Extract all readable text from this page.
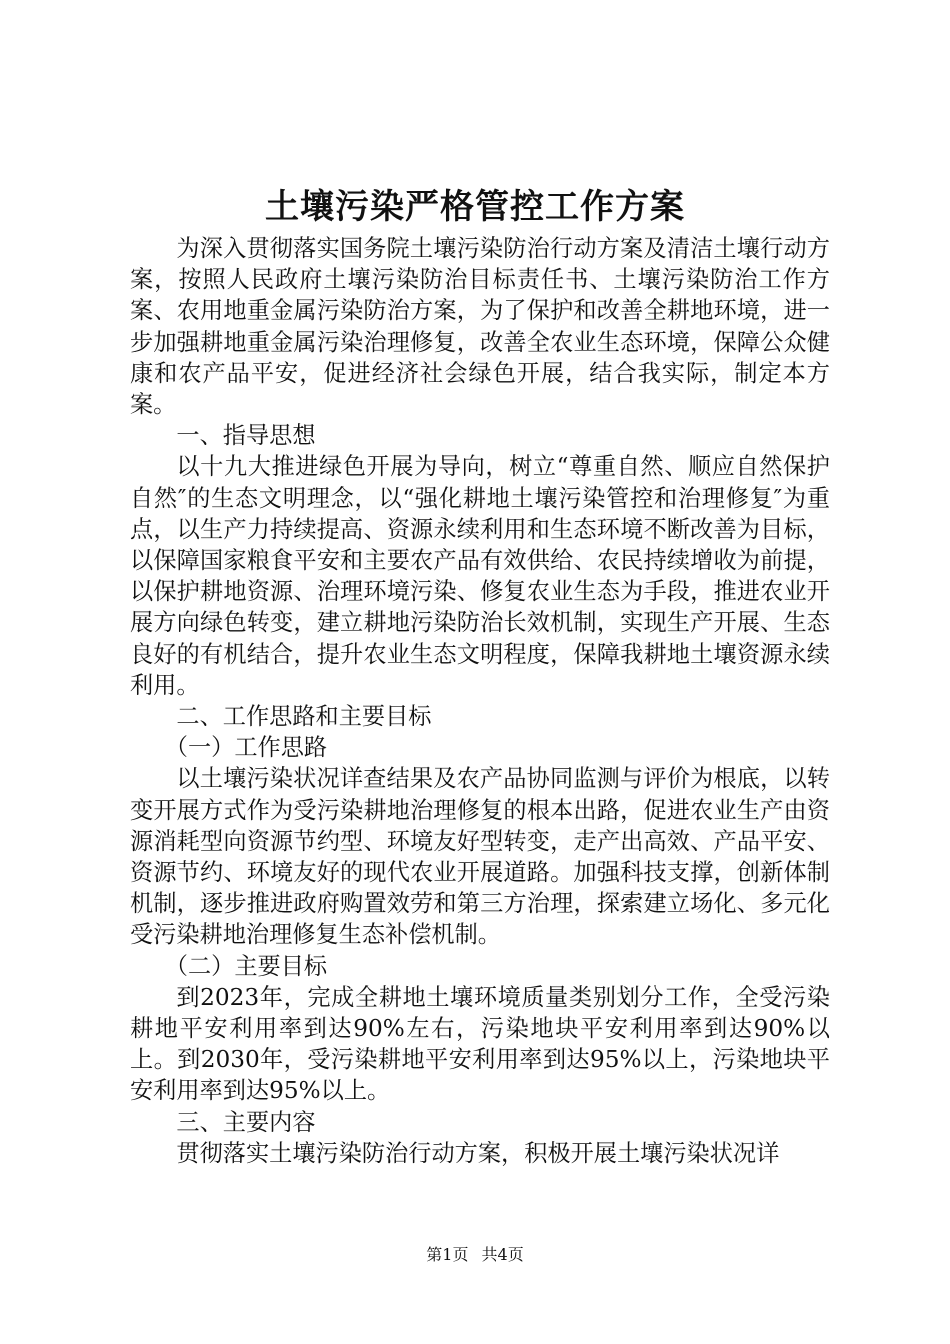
土壤污染严格管控工作方案

为深入贯彻落实国务院土壤污染防治行动方案及清洁土壤行动方案，按照人民政府土壤污染防治目标责任书、土壤污染防治工作方案、农用地重金属污染防治方案，为了保护和改善全耕地环境，进一步加强耕地重金属污染治理修复，改善全农业生态环境，保障公众健康和农产品平安，促进经济社会绿色开展，结合我实际，制定本方案。

一、指导思想

以十九大推进绿色开展为导向，树立“尊重自然、顺应自然保护自然″的生态文明理念，以“强化耕地土壤污染管控和治理修复″为重点，以生产力持续提高、资源永续利用和生态环境不断改善为目标，以保障国家粮食平安和主要农产品有效供给、农民持续增收为前提，以保护耕地资源、治理环境污染、修复农业生态为手段，推进农业开展方向绿色转变，建立耕地污染防治长效机制，实现生产开展、生态良好的有机结合，提升农业生态文明程度，保障我耕地土壤资源永续利用。

二、工作思路和主要目标

（一）工作思路

以土壤污染状况详查结果及农产品协同监测与评价为根底，以转变开展方式作为受污染耕地治理修复的根本出路，促进农业生产由资源消耗型向资源节约型、环境友好型转变，走产出高效、产品平安、资源节约、环境友好的现代农业开展道路。加强科技支撑，创新体制机制，逐步推进政府购置效劳和第三方治理，探索建立场化、多元化受污染耕地治理修复生态补偿机制。

（二）主要目标

到2023年，完成全耕地土壤环境质量类别划分工作，全受污染耕地平安利用率到达90%左右，污染地块平安利用率到达90%以上。到2030年，受污染耕地平安利用率到达95%以上，污染地块平安利用率到达95%以上。

三、主要内容

贯彻落实土壤污染防治行动方案，积极开展土壤污染状况详

第1页 共4页
